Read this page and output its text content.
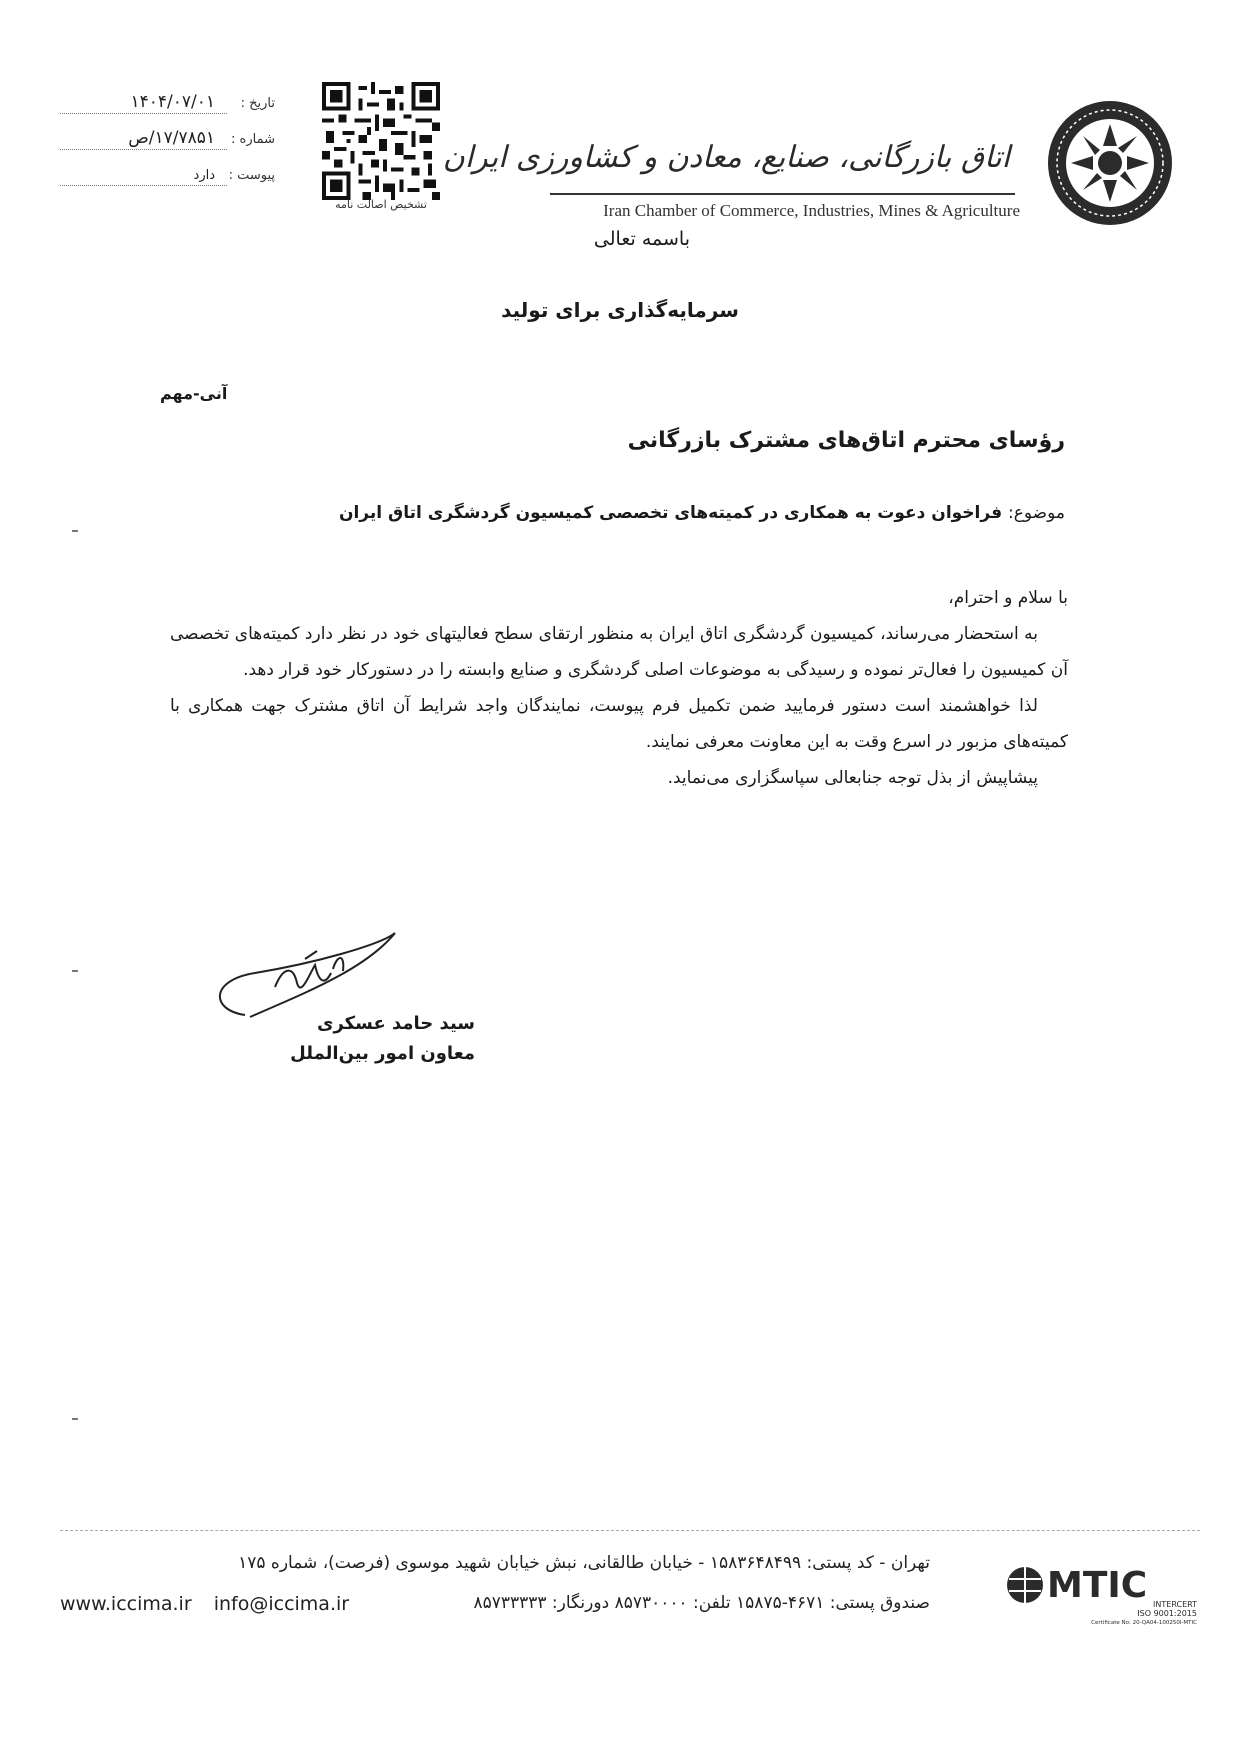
اتاق بازرگانی، صنایع، معادن و کشاورزی ایران
Iran Chamber of Commerce, Industries, Mines & Agriculture
تشخیص اصالت نامه
تاریخ :
۱۴۰۴/۰۷/۰۱
شماره :
۱۷/۷۸۵۱/ص
پیوست :
دارد
باسمه تعالی
سرمایه‌گذاری برای تولید
آنی-مهم
رؤسای محترم اتاق‌های مشترک بازرگانی
موضوع: فراخوان دعوت به همکاری در کمیته‌های تخصصی کمیسیون گردشگری اتاق ایران

با سلام و احترام،

به استحضار می‌رساند، کمیسیون گردشگری اتاق ایران به منظور ارتقای سطح فعالیتهای خود در نظر دارد کمیته‌های تخصصی آن کمیسیون را فعال‌تر نموده و رسیدگی به موضوعات اصلی گردشگری و صنایع وابسته را در دستورکار خود قرار دهد.

لذا خواهشمند است دستور فرمایید ضمن تکمیل فرم پیوست، نمایندگان واجد شرایط آن اتاق مشترک جهت همکاری با کمیته‌های مزبور در اسرع وقت به این معاونت معرفی نمایند.

پیشاپیش از بذل توجه جنابعالی سپاسگزاری می‌نماید.

سید حامد عسکری
معاون امور بین‌الملل
تهران - کد پستی: ۱۵۸۳۶۴۸۴۹۹ - خیابان طالقانی، نبش خیابان شهید موسوی (فرصت)، شماره ۱۷۵
صندوق پستی: ۴۶۷۱-۱۵۸۷۵ تلفن: ۸۵۷۳۰۰۰۰ دورنگار: ۸۵۷۳۳۳۳۳
www.iccima.ir info@iccima.ir	MTIC INTERCERT
ISO 9001:2015
Certificate No: 20-QA04-100250I-MTIC
